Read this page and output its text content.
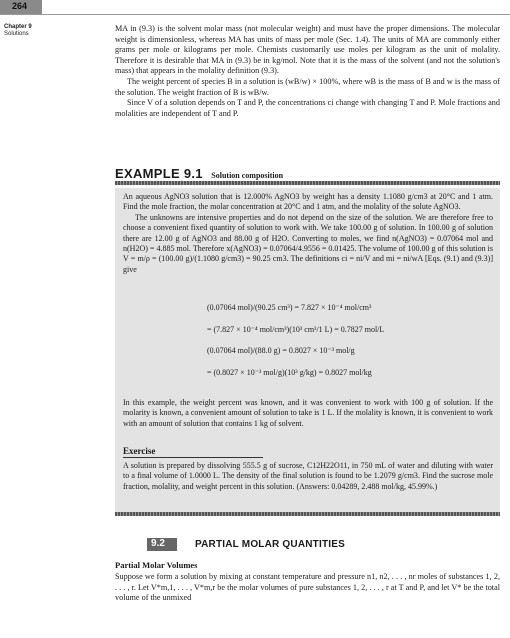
264
Chapter 9
Solutions

MA in (9.3) is the solvent molar mass (not molecular weight) and must have the proper dimensions. The molecular weight is dimensionless, whereas MA has units of mass per mole (Sec. 1.4). The units of MA are commonly either grams per mole or kilograms per mole. Chemists customarily use moles per kilogram as the unit of molality. Therefore it is desirable that MA in (9.3) be in kg/mol. Note that it is the mass of the solvent (and not the solution's mass) that appears in the molality definition (9.3).

The weight percent of species B in a solution is (wB/w) × 100%, where wB is the mass of B and w is the mass of the solution. The weight fraction of B is wB/w.

Since V of a solution depends on T and P, the concentrations ci change with changing T and P. Mole fractions and molalities are independent of T and P.

EXAMPLE 9.1 Solution composition

An aqueous AgNO3 solution that is 12.000% AgNO3 by weight has a density 1.1080 g/cm3 at 20°C and 1 atm. Find the mole fraction, the molar concentration at 20°C and 1 atm, and the molality of the solute AgNO3.

The unknowns are intensive properties and do not depend on the size of the solution. We are therefore free to choose a convenient fixed quantity of solution to work with. We take 100.00 g of solution. In 100.00 g of solution there are 12.00 g of AgNO3 and 88.00 g of H2O. Converting to moles, we find n(AgNO3) = 0.07064 mol and n(H2O) = 4.885 mol. Therefore x(AgNO3) = 0.07064/4.9556 = 0.01425. The volume of 100.00 g of this solution is V = m/ρ = (100.00 g)/(1.1080 g/cm3) = 90.25 cm3. The definitions ci = ni/V and mi = ni/wA [Eqs. (9.1) and (9.3)] give

(0.07064 mol)/(90.25 cm³) = 7.827 × 10⁻⁴ mol/cm³
= (7.827 × 10⁻⁴ mol/cm³)(10³ cm³/1 L) = 0.7827 mol/L
(0.07064 mol)/(88.0 g) = 0.8027 × 10⁻³ mol/g
= (0.8027 × 10⁻³ mol/g)(10³ g/kg) = 0.8027 mol/kg

In this example, the weight percent was known, and it was convenient to work with 100 g of solution. If the molarity is known, a convenient amount of solution to take is 1 L. If the molality is known, it is convenient to work with an amount of solution that contains 1 kg of solvent.

Exercise

A solution is prepared by dissolving 555.5 g of sucrose, C12H22O11, in 750 mL of water and diluting with water to a final volume of 1.0000 L. The density of the final solution is found to be 1.2079 g/cm3. Find the sucrose mole fraction, molality, and weight percent in this solution. (Answers: 0.04289, 2.488 mol/kg, 45.99%.)

9.2	PARTIAL MOLAR QUANTITIES
Partial Molar Volumes

Suppose we form a solution by mixing at constant temperature and pressure n1, n2, . . . , nr moles of substances 1, 2, . . . , r. Let V*m,1, . . . , V*m,r be the molar volumes of pure substances 1, 2, . . . , r at T and P, and let V* be the total volume of the unmixed
